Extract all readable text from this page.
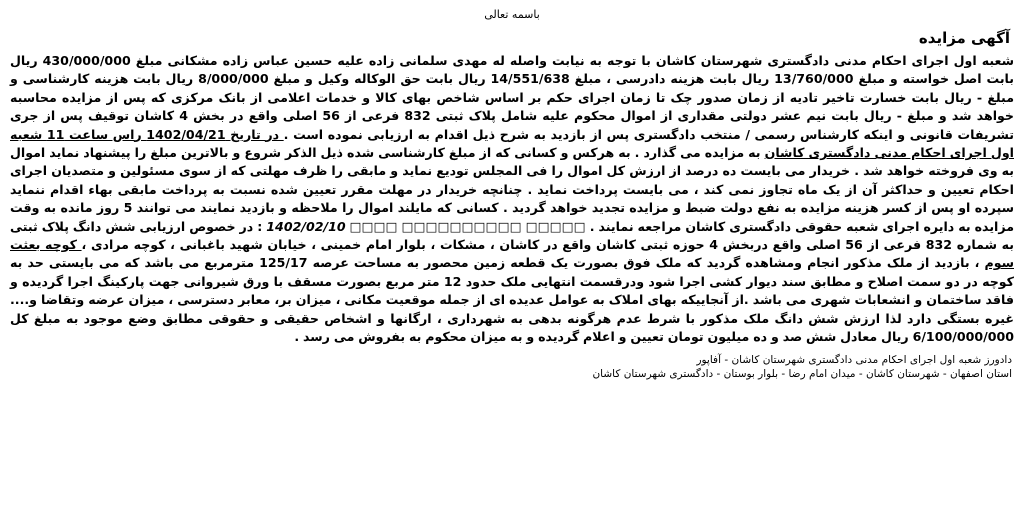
باسمه تعالی
آگهی مزایده

شعبه اول اجرای احکام مدنی دادگستری شهرستان کاشان با توجه به نیابت واصله له مهدی سلمانی زاده علیه حسین عباس زاده مشکانی مبلغ 430/000/000 ریال بابت اصل خواسته و مبلغ 13/760/000 ریال بابت هزینه دادرسی ، مبلغ 14/551/638 ریال بابت حق الوکاله وکیل و مبلغ 8/000/000 ریال بابت هزینه کارشناسی و مبلغ - ریال بابت خسارت تاخیر تادیه از زمان صدور چک تا زمان اجرای حکم بر اساس شاخص بهای کالا و خدمات اعلامی از بانک مرکزی که پس از مزایده محاسبه خواهد شد و مبلغ - ریال بابت نیم عشر دولتی مقداری از اموال محکوم علیه شامل پلاک ثبتی 832 فرعی از 56 اصلی واقع در بخش 4 کاشان توقیف پس از جری تشریفات قانونی و اینکه کارشناس رسمی / منتخب دادگستری پس از بازدید به شرح ذیل اقدام به ارزیابی نموده است . در تاریخ 1402/04/21 راس ساعت 11 شعبه اول اجرای احکام مدنی دادگستری کاشان به مزایده می گذارد . به هرکس و کسانی که از مبلغ کارشناسی شده ذیل الذکر شروع و بالاترین مبلغ را پیشنهاد نماید اموال به وی فروخته خواهد شد . خریدار می بایست ده درصد از ارزش کل اموال را فی المجلس تودیع نماید و مابقی را ظرف مهلتی که از سوی مسئولین و متصدیان اجرای احکام تعیین و حداکثر آن از یک ماه تجاوز نمی کند ، می بایست پرداخت نماید . چنانچه خریدار در مهلت مقرر تعیین شده نسبت به پرداخت مابقی بهاء اقدام ننماید سپرده او پس از کسر هزینه مزایده به نفع دولت ضبط و مزایده تجدید خواهد گردید . کسانی که مایلند اموال را ملاحظه و بازدید نمایند می توانند 5 روز مانده به وقت مزایده به دایره اجرای شعبه حقوقی دادگستری کاشان مراجعه نمایند . □□□□□ □□□□□□□□□□ □□□□ 1402/02/10 : در خصوص ارزیابی شش دانگ پلاک ثبتی به شماره 832 فرعی از 56 اصلی واقع دربخش 4 حوزه ثبتی کاشان واقع در کاشان ، مشکات ، بلوار امام خمینی ، خیابان شهید باغبانی ، کوچه مرادی ، کوچه بعثت سوم ، بازدید از ملک مذکور انجام ومشاهده گردید که ملک فوق بصورت یک قطعه زمین محصور به مساحت عرصه 125/17 مترمربع می باشد که می بایستی حد به کوچه در دو سمت اصلاح و مطابق سند دیوار کشی اجرا شود ودرقسمت انتهایی ملک حدود 12 متر مربع بصورت مسقف با ورق شیروانی جهت پارکینگ اجرا گردیده و فاقد ساختمان و انشعابات شهری می باشد .از آنجاییکه بهای املاک به عوامل عدیده ای از جمله موقعیت مکانی ، میزان بر، معابر دسترسی ، میزان عرضه وتقاضا و.... غیره بستگی دارد لذا ارزش شش دانگ ملک مذکور با شرط عدم هرگونه بدهی به شهرداری ، ارگانها و اشخاص حقیقی و حقوقی مطابق وضع موجود به مبلغ کل 6/100/000/000 ریال معادل شش صد و ده میلیون تومان تعیین و اعلام گردیده و به میزان محکوم به بفروش می رسد .

دادورز شعبه اول اجرای احکام مدنی دادگستری شهرستان کاشان - آفاپور
استان اصفهان - شهرستان کاشان - میدان امام رضا - بلوار بوستان - دادگستری شهرستان کاشان
